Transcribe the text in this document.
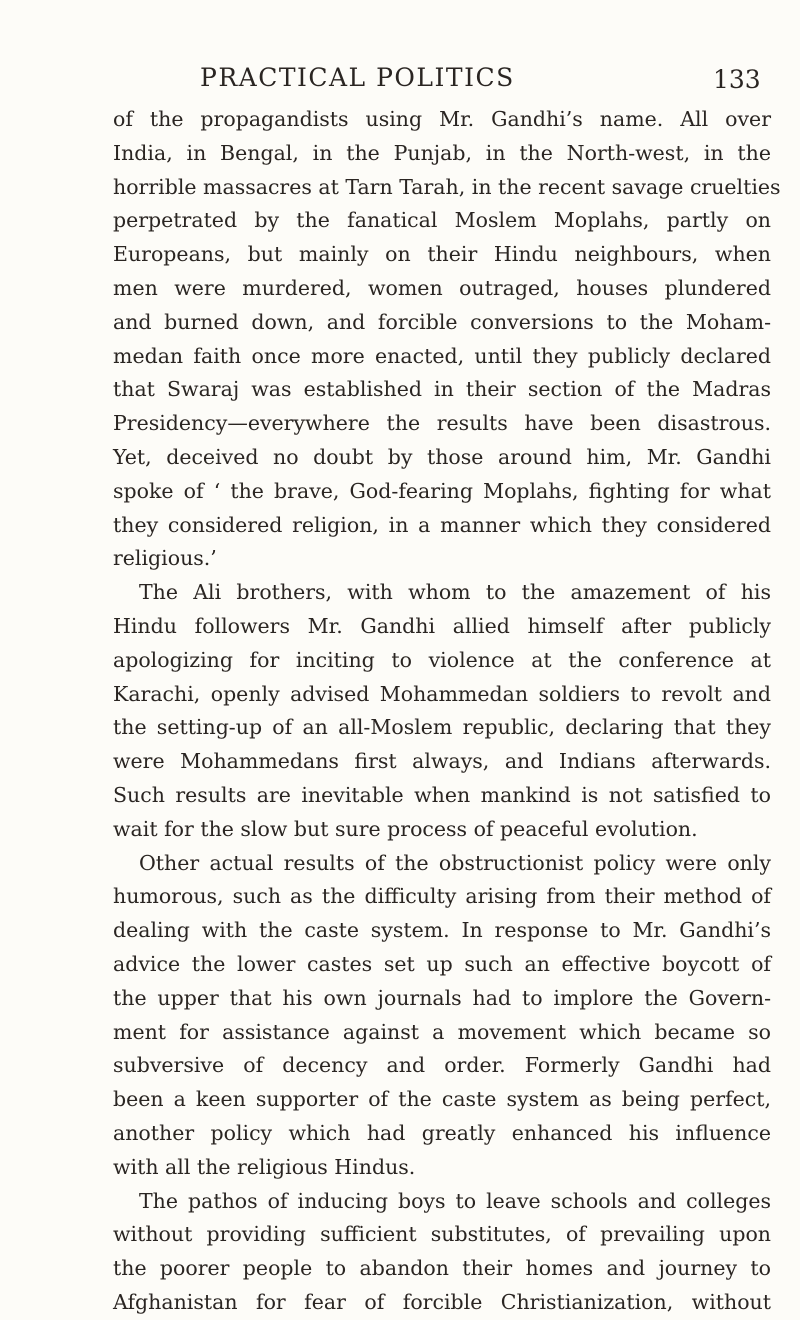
PRACTICAL POLITICS	133
of the propagandists using Mr. Gandhi’s name. All over
India, in Bengal, in the Punjab, in the North-west, in the
horrible massacres at Tarn Tarah, in the recent savage cruelties
perpetrated by the fanatical Moslem Moplahs, partly on
Europeans, but mainly on their Hindu neighbours, when
men were murdered, women outraged, houses plundered
and burned down, and forcible conversions to the Moham-
medan faith once more enacted, until they publicly declared
that Swaraj was established in their section of the Madras
Presidency—everywhere the results have been disastrous.
Yet, deceived no doubt by those around him, Mr. Gandhi
spoke of ‘ the brave, God-fearing Moplahs, fighting for what
they considered religion, in a manner which they considered
religious.’
The Ali brothers, with whom to the amazement of his
Hindu followers Mr. Gandhi allied himself after publicly
apologizing for inciting to violence at the conference at
Karachi, openly advised Mohammedan soldiers to revolt and
the setting-up of an all-Moslem republic, declaring that they
were Mohammedans first always, and Indians afterwards.
Such results are inevitable when mankind is not satisfied to
wait for the slow but sure process of peaceful evolution.
Other actual results of the obstructionist policy were only
humorous, such as the difficulty arising from their method of
dealing with the caste system. In response to Mr. Gandhi’s
advice the lower castes set up such an effective boycott of
the upper that his own journals had to implore the Govern-
ment for assistance against a movement which became so
subversive of decency and order. Formerly Gandhi had
been a keen supporter of the caste system as being perfect,
another policy which had greatly enhanced his influence
with all the religious Hindus.
The pathos of inducing boys to leave schools and colleges
without providing sufficient substitutes, of prevailing upon
the poorer people to abandon their homes and journey to
Afghanistan for fear of forcible Christianization, without
